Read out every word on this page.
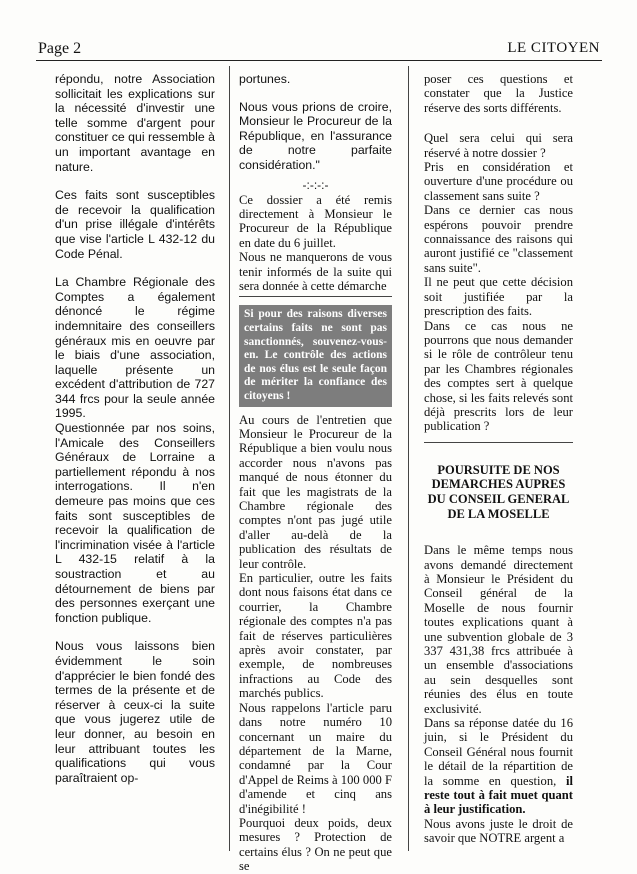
Page 2	LE CITOYEN

répondu, notre Association sollicitait les explications sur la nécessité d'investir une telle somme d'argent pour constituer ce qui ressemble à un important avantage en nature.

Ces faits sont susceptibles de recevoir la qualification d'un prise illégale d'intérêts que vise l'article L 432-12 du Code Pénal.

La Chambre Régionale des Comptes a également dénoncé le régime indemnitaire des conseillers généraux mis en oeuvre par le biais d'une association, laquelle présente un excédent d'attribution de 727 344 frcs pour la seule année 1995.

Questionnée par nos soins, l'Amicale des Conseillers Généraux de Lorraine a partiellement répondu à nos interrogations. Il n'en demeure pas moins que ces faits sont susceptibles de recevoir la qualification de l'incrimination visée à l'article L 432-15 relatif à la soustraction et au détournement de biens par des personnes exerçant une fonction publique.

Nous vous laissons bien évidemment le soin d'apprécier le bien fondé des termes de la présente et de réserver à ceux-ci la suite que vous jugerez utile de leur donner, au besoin en leur attribuant toutes les qualifications qui vous paraîtraient op-

portunes.

Nous vous prions de croire, Monsieur le Procureur de la République, en l'assurance de notre parfaite considération."

-:-:-:-

Ce dossier a été remis directement à Monsieur le Procureur de la République en date du 6 juillet.

Nous ne manquerons de vous tenir informés de la suite qui sera donnée à cette démarche

Si pour des raisons diverses certains faits ne sont pas sanctionnés, souvenez-vous-en. Le contrôle des actions de nos élus est le seule façon de mériter la confiance des citoyens !

Au cours de l'entretien que Monsieur le Procureur de la République a bien voulu nous accorder nous n'avons pas manqué de nous étonner du fait que les magistrats de la Chambre régionale des comptes n'ont pas jugé utile d'aller au-delà de la publication des résultats de leur contrôle.

En particulier, outre les faits dont nous faisons état dans ce courrier, la Chambre régionale des comptes n'a pas fait de réserves particulières après avoir constater, par exemple, de nombreuses infractions au Code des marchés publics.

Nous rappelons l'article paru dans notre numéro 10 concernant un maire du département de la Marne, condamné par la Cour d'Appel de Reims à 100 000 F d'amende et cinq ans d'inégibilité !

Pourquoi deux poids, deux mesures ? Protection de certains élus ? On ne peut que se

poser ces questions et constater que la Justice réserve des sorts différents.

Quel sera celui qui sera réservé à notre dossier ?

Pris en considération et ouverture d'une procédure ou classement sans suite ?

Dans ce dernier cas nous espérons pouvoir prendre connaissance des raisons qui auront justifié ce "classement sans suite".

Il ne peut que cette décision soit justifiée par la prescription des faits.

Dans ce cas nous ne pourrons que nous demander si le rôle de contrôleur tenu par les Chambres régionales des comptes sert à quelque chose, si les faits relevés sont déjà prescrits lors de leur publication ?

POURSUITE DE NOS DEMARCHES AUPRES DU CONSEIL GENERAL DE LA MOSELLE

Dans le même temps nous avons demandé directement à Monsieur le Président du Conseil général de la Moselle de nous fournir toutes explications quant à une subvention globale de 3 337 431,38 frcs attribuée à un ensemble d'associations au sein desquelles sont réunies des élus en toute exclusivité.

Dans sa réponse datée du 16 juin, si le Président du Conseil Général nous fournit le détail de la répartition de la somme en question, il reste tout à fait muet quant à leur justification.

Nous avons juste le droit de savoir que NOTRE argent a
